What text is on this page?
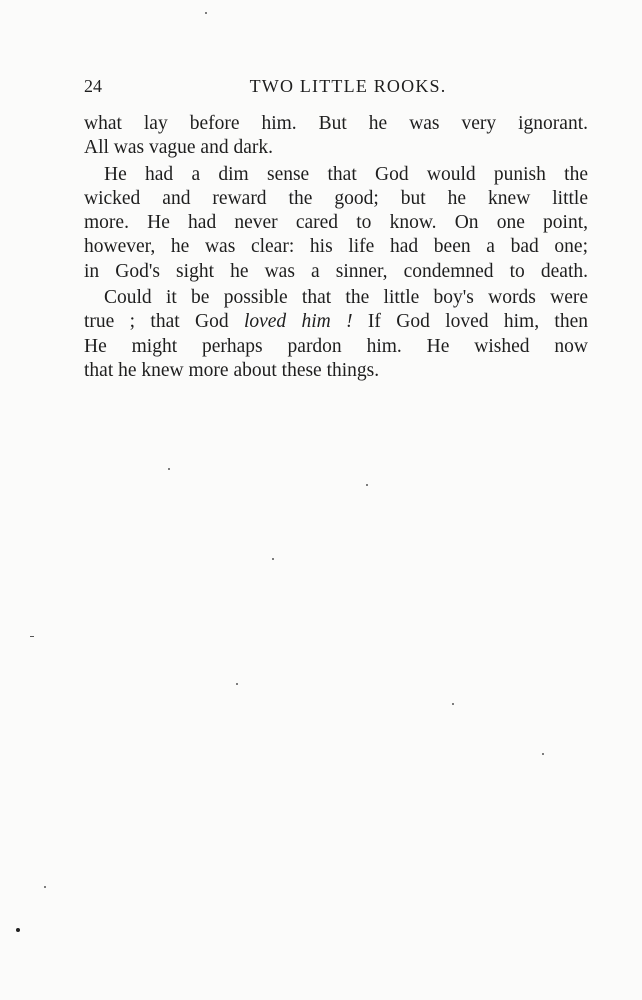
24	TWO LITTLE ROOKS.
what lay before him. But he was very ignorant.
All was vague and dark.
He had a dim sense that God would punish the
wicked and reward the good; but he knew little
more. He had never cared to know. On one point,
however, he was clear: his life had been a bad one;
in God's sight he was a sinner, condemned to death.
Could it be possible that the little boy's words were
true ; that God loved him ! If God loved him, then
He might perhaps pardon him. He wished now
that he knew more about these things.
